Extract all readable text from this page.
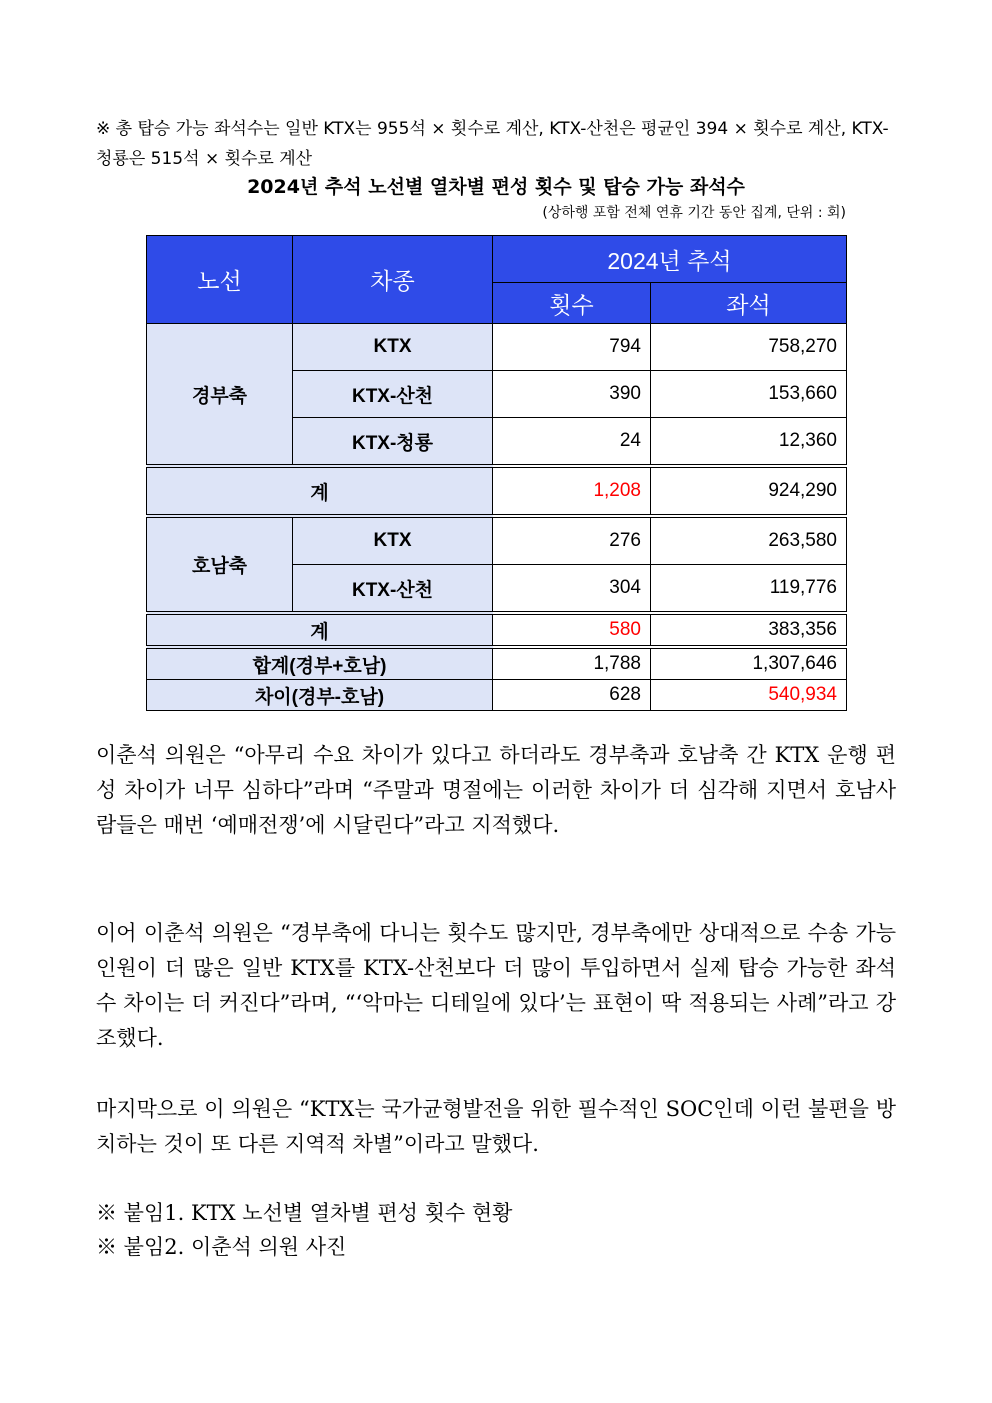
※ 총 탑승 가능 좌석수는 일반 KTX는 955석 × 횟수로 계산, KTX-산천은 평균인 394 × 횟수로 계산, KTX-청룡은 515석 × 횟수로 계산
2024년 추석 노선별 열차별 편성 횟수 및 탑승 가능 좌석수
(상하행 포함 전체 연휴 기간 동안 집계, 단위 : 회)
노선	차종	2024년 추석	
		횟수	좌석
경부축	KTX	794	758,270
	KTX-산천	390	153,660
	KTX-청룡	24	12,360
계		1,208	924,290
호남축	KTX	276	263,580
	KTX-산천	304	119,776
계		580	383,356
합계(경부+호남)		1,788	1,307,646
차이(경부-호남)		628	540,934
이춘석 의원은 “아무리 수요 차이가 있다고 하더라도 경부축과 호남축 간 KTX 운행 편성 차이가 너무 심하다”라며 “주말과 명절에는 이러한 차이가 더 심각해 지면서 호남사람들은 매번 ‘예매전쟁’에 시달린다”라고 지적했다.
이어 이춘석 의원은 “경부축에 다니는 횟수도 많지만, 경부축에만 상대적으로 수송 가능 인원이 더 많은 일반 KTX를 KTX-산천보다 더 많이 투입하면서 실제 탑승 가능한 좌석수 차이는 더 커진다”라며, “‘악마는 디테일에 있다’는 표현이 딱 적용되는 사례”라고 강조했다.
마지막으로 이 의원은 “KTX는 국가균형발전을 위한 필수적인 SOC인데 이런 불편을 방치하는 것이 또 다른 지역적 차별”이라고 말했다.
※ 붙임1. KTX 노선별 열차별 편성 횟수 현황
※ 붙임2. 이춘석 의원 사진
